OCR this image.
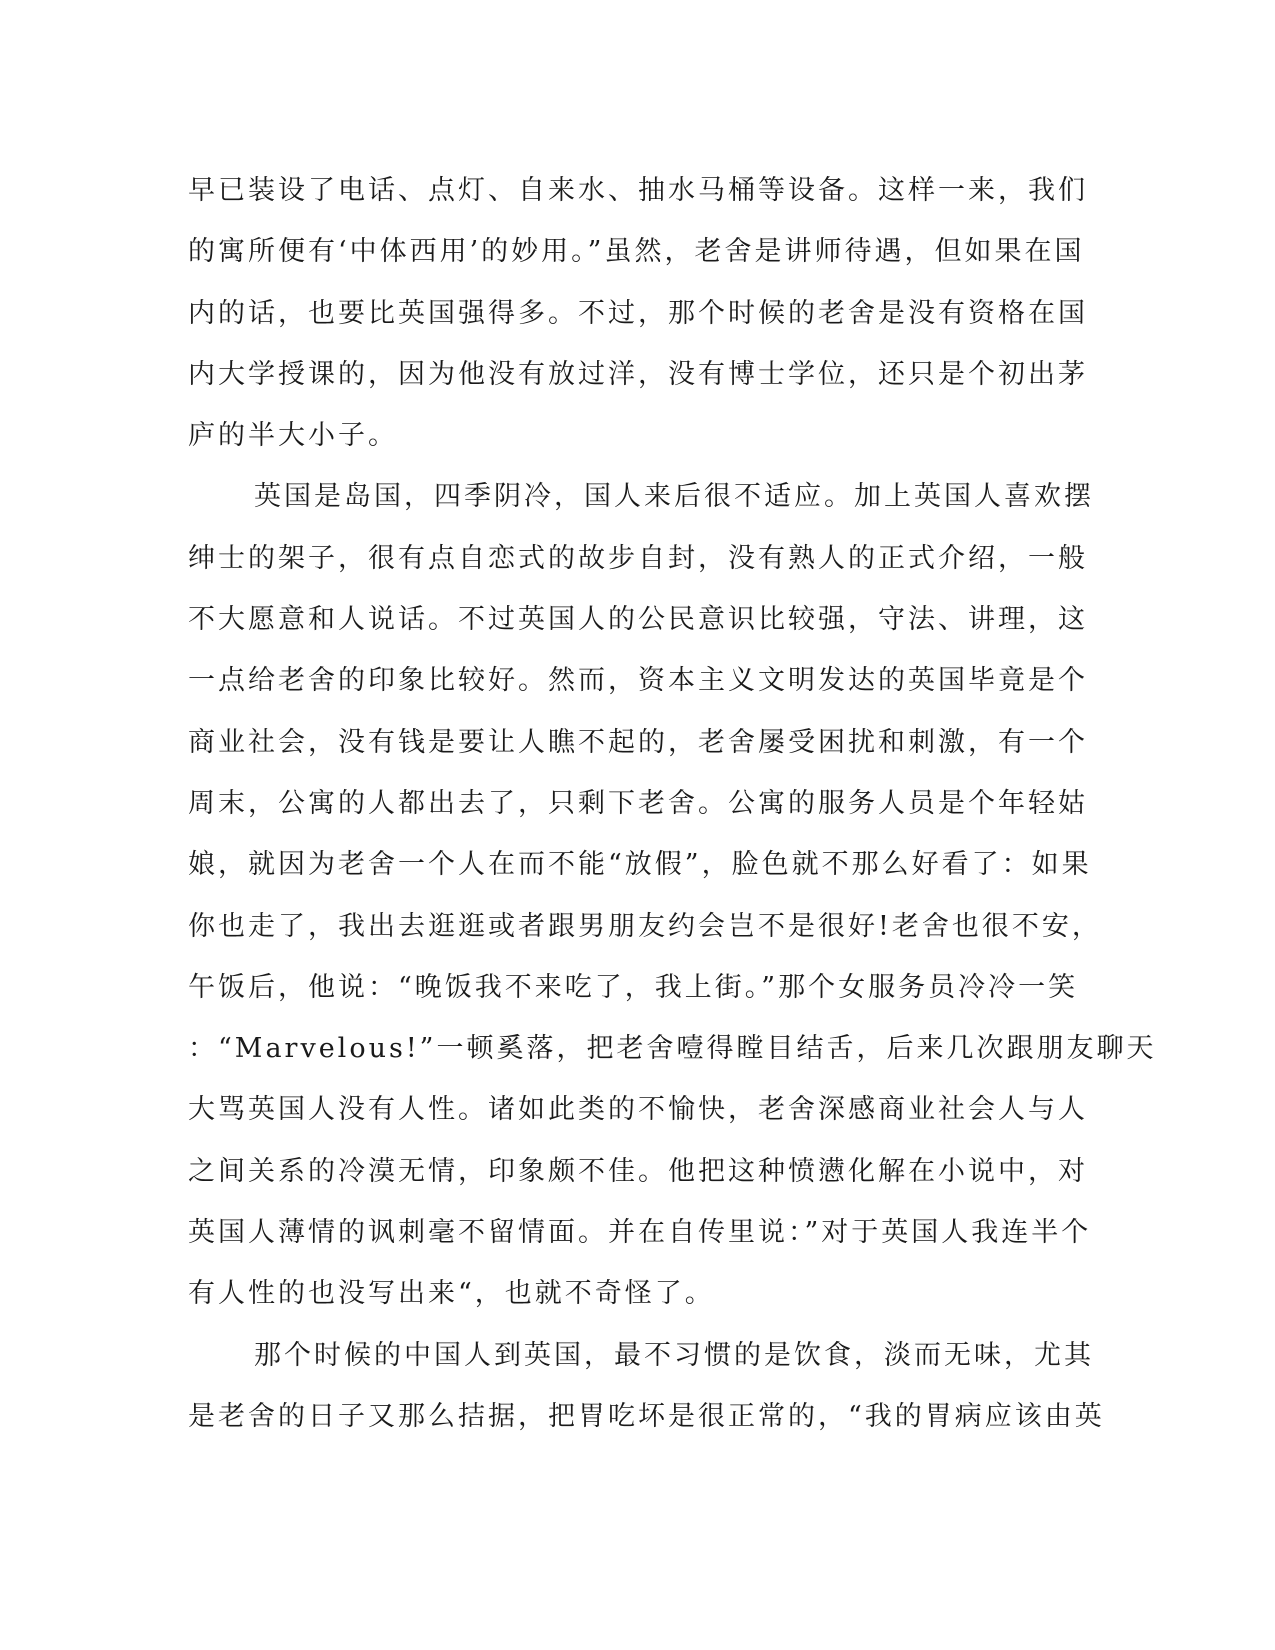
早已装设了电话、点灯、自来水、抽水马桶等设备。这样一来，我们
的寓所便有‘中体西用’的妙用。”虽然，老舍是讲师待遇，但如果在国
内的话，也要比英国强得多。不过，那个时候的老舍是没有资格在国
内大学授课的，因为他没有放过洋，没有博士学位，还只是个初出茅
庐的半大小子。
英国是岛国，四季阴冷，国人来后很不适应。加上英国人喜欢摆
绅士的架子，很有点自恋式的故步自封，没有熟人的正式介绍，一般
不大愿意和人说话。不过英国人的公民意识比较强，守法、讲理，这
一点给老舍的印象比较好。然而，资本主义文明发达的英国毕竟是个
商业社会，没有钱是要让人瞧不起的，老舍屡受困扰和刺激，有一个
周末，公寓的人都出去了，只剩下老舍。公寓的服务人员是个年轻姑
娘，就因为老舍一个人在而不能“放假”，脸色就不那么好看了：如果
你也走了，我出去逛逛或者跟男朋友约会岂不是很好!老舍也很不安，
午饭后，他说：“晚饭我不来吃了，我上街。”那个女服务员冷冷一笑
：“Marvelous!”一顿奚落，把老舍噎得瞠目结舌，后来几次跟朋友聊天
大骂英国人没有人性。诸如此类的不愉快，老舍深感商业社会人与人
之间关系的冷漠无情，印象颇不佳。他把这种愤懑化解在小说中，对
英国人薄情的讽刺毫不留情面。并在自传里说：”对于英国人我连半个
有人性的也没写出来“，也就不奇怪了。
那个时候的中国人到英国，最不习惯的是饮食，淡而无味，尤其
是老舍的日子又那么拮据，把胃吃坏是很正常的，“我的胃病应该由英
